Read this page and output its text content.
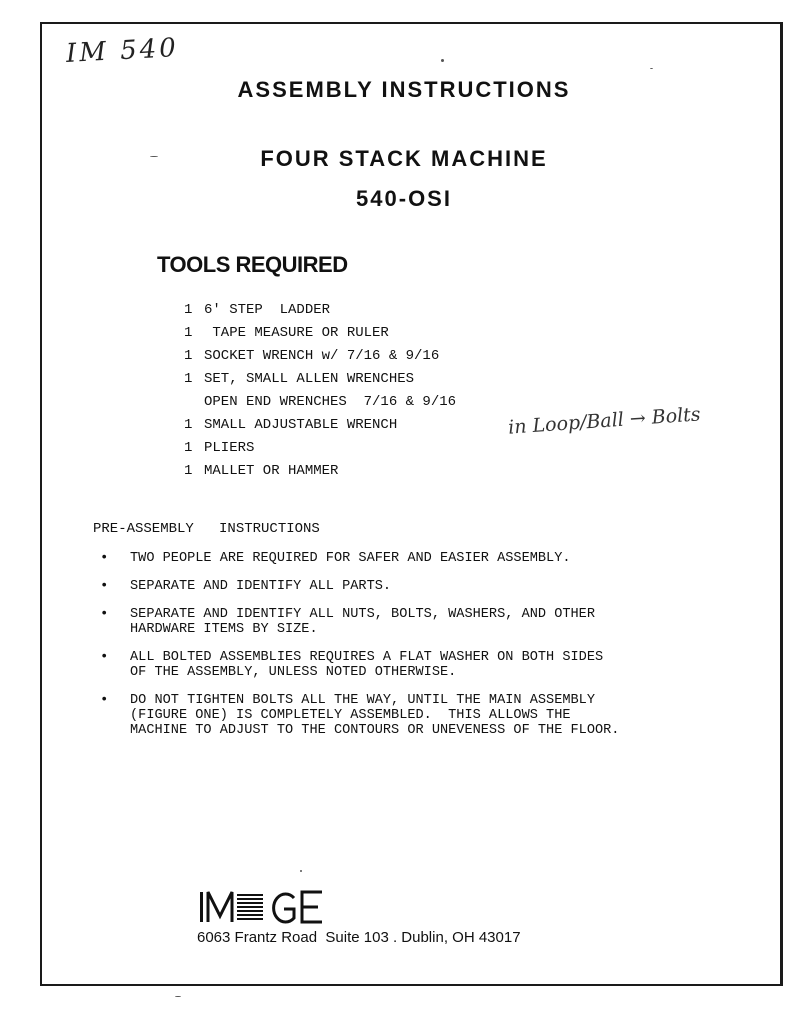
IM 540
ASSEMBLY INSTRUCTIONS
FOUR STACK MACHINE
540-OSI
TOOLS REQUIRED
1 6' STEP  LADDER
1 TAPE MEASURE OR RULER
1 SOCKET WRENCH w/ 7/16 & 9/16
1 SET, SMALL ALLEN WRENCHES
OPEN END WRENCHES  7/16 & 9/16
1 SMALL ADJUSTABLE WRENCH
1 PLIERS
1 MALLET OR HAMMER
in Loop/Ball → Bolts
PRE-ASSEMBLY   INSTRUCTIONS
•	TWO PEOPLE ARE REQUIRED FOR SAFER AND EASIER ASSEMBLY.
•	SEPARATE AND IDENTIFY ALL PARTS.
•	SEPARATE AND IDENTIFY ALL NUTS, BOLTS, WASHERS, AND OTHER
HARDWARE ITEMS BY SIZE.
•	ALL BOLTED ASSEMBLIES REQUIRES A FLAT WASHER ON BOTH SIDES
OF THE ASSEMBLY, UNLESS NOTED OTHERWISE.
•	DO NOT TIGHTEN BOLTS ALL THE WAY, UNTIL THE MAIN ASSEMBLY
(FIGURE ONE) IS COMPLETELY ASSEMBLED.  THIS ALLOWS THE
MACHINE TO ADJUST TO THE CONTOURS OR UNEVENESS OF THE FLOOR.
6063 Frantz Road  Suite 103 . Dublin, OH 43017
